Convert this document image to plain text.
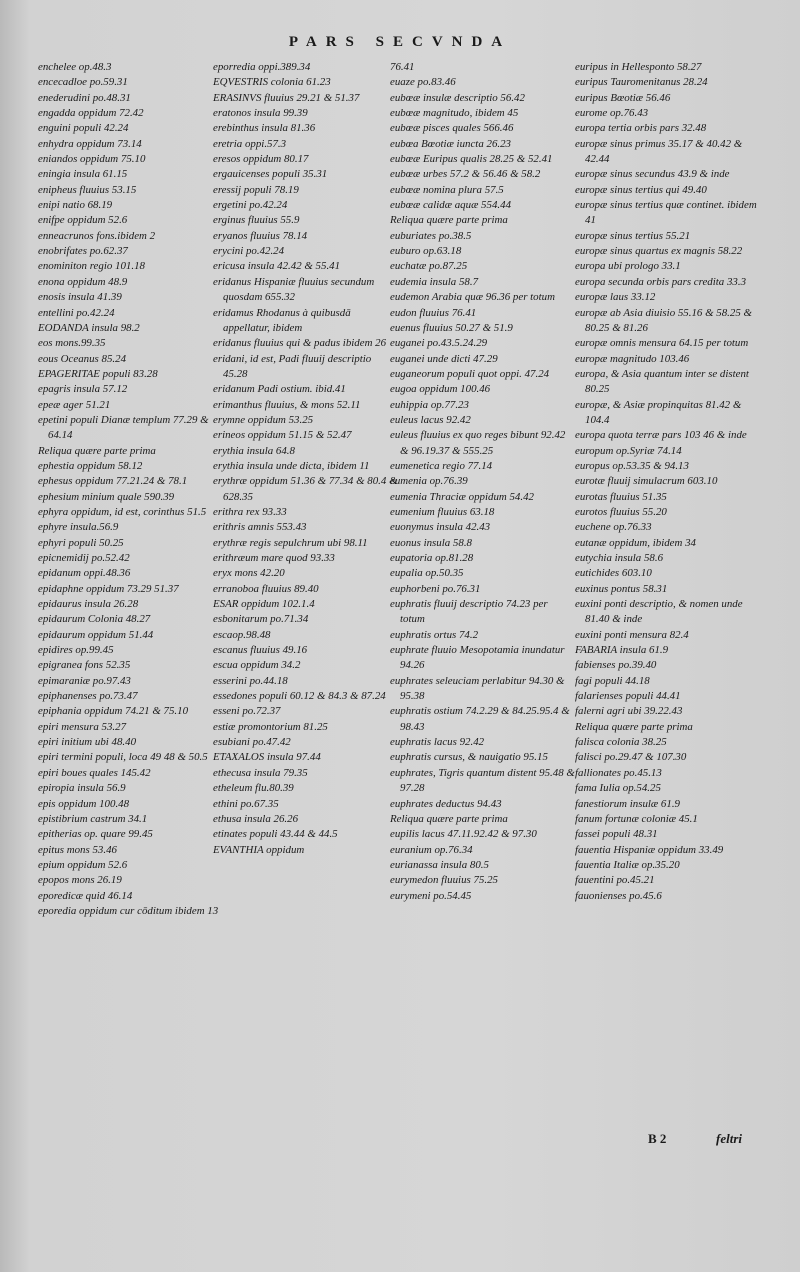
PARS SECVNDA

enchelee op.48.3

encecadloe po.59.31

enederudini po.48.31

engadda oppidum 72.42

enguini populi 42.24

enhydra oppidum 73.14

eniandos oppidum 75.10

eningia insula 61.15

enipheus fluuius 53.15

enipi natio 68.19

enifpe oppidum 52.6

enneacrunos fons.ibidem 2

enobrifates po.62.37

enominiton regio 101.18

enona oppidum 48.9

enosis insula 41.39

entellini po.42.24

EODANDA insula 98.2

eos mons.99.35

eous Oceanus 85.24

EPAGERITAE populi 83.28

epagris insula 57.12

epeæ ager 51.21

epetini populi Dianæ templum 77.29 & 64.14

Reliqua quære parte prima

ephestia oppidum 58.12

ephesus oppidum 77.21.24 & 78.1

ephesium minium quale 590.39

ephyra oppidum, id est, corinthus 51.5

ephyre insula.56.9

ephyri populi 50.25

epicnemidij po.52.42

epidanum oppi.48.36

epidaphne oppidum 73.29 51.37

epidaurus insula 26.28

epidaurum Colonia 48.27

epidaurum oppidum 51.44

epidires op.99.45

epigranea fons 52.35

epimaraniæ po.97.43

epiphanenses po.73.47

epiphania oppidum 74.21 & 75.10

epiri mensura 53.27

epiri initium ubi 48.40

epiri termini populi, loca 49 48 & 50.5

epiri boues quales 145.42

epiropia insula 56.9

epis oppidum 100.48

epistibrium castrum 34.1

epitherias op. quare 99.45

epitus mons 53.46

epium oppidum 52.6

epopos mons 26.19

eporedicæ quid 46.14

eporedia oppidum cur cōditum ibidem 13

eporredia oppi.389.34

EQVESTRIS colonia 61.23

ERASINVS fluuius 29.21 & 51.37

eratonos insula 99.39

erebinthus insula 81.36

eretria oppi.57.3

eresos oppidum 80.17

ergauicenses populi 35.31

eressij populi 78.19

ergetini po.42.24

erginus fluuius 55.9

eryanos fluuius 78.14

erycini po.42.24

ericusa insula 42.42 & 55.41

eridanus Hispaniæ fluuius secundum quosdam 655.32

eridamus Rhodanus à quibusdā appellatur, ibidem

eridanus fluuius qui & padus ibidem 26

eridani, id est, Padi fluuij descriptio 45.28

eridanum Padi ostium. ibid.41

erimanthus fluuius, & mons 52.11

erymne oppidum 53.25

erineos oppidum 51.15 & 52.47

erythia insula 64.8

erythia insula unde dicta, ibidem 11

erythræ oppidum 51.36 & 77.34 & 80.4 & 628.35

erithra rex 93.33

erithris amnis 553.43

erythræ regis sepulchrum ubi 98.11

erithræum mare quod 93.33

eryx mons 42.20

erranoboa fluuius 89.40

ESAR oppidum 102.1.4

esbonitarum po.71.34

escaop.98.48

escanus fluuius 49.16

escua oppidum 34.2

esserini po.44.18

essedones populi 60.12 & 84.3 & 87.24

esseni po.72.37

estiæ promontorium 81.25

esubiani po.47.42

ETAXALOS insula 97.44

ethecusa insula 79.35

etheleum flu.80.39

ethini po.67.35

ethusa insula 26.26

etinates populi 43.44 & 44.5

EVANTHIA oppidum

76.41

euaze po.83.46

eubœæ insulæ descriptio 56.42

eubœæ magnitudo, ibidem 45

eubœæ pisces quales 566.46

eubœa Bœotiæ iuncta 26.23

eubœæ Euripus qualis 28.25 & 52.41

eubœæ urbes 57.2 & 56.46 & 58.2

eubœæ nomina plura 57.5

eubœæ calidæ aquæ 554.44

Reliqua quære parte prima

euburiates po.38.5

euburo op.63.18

euchatæ po.87.25

eudemia insula 58.7

eudemon Arabia quæ 96.36 per totum

eudon fluuius 76.41

euenus fluuius 50.27 & 51.9

euganei po.43.5.24.29

euganei unde dicti 47.29

euganeorum populi quot oppi. 47.24

eugoa oppidum 100.46

euhippia op.77.23

euleus lacus 92.42

euleus fluuius ex quo reges bibunt 92.42 & 96.19.37 & 555.25

eumenetica regio 77.14

eumenia op.76.39

eumenia Thraciæ oppidum 54.42

eumenium fluuius 63.18

euonymus insula 42.43

euonus insula 58.8

eupatoria op.81.28

eupalia op.50.35

euphorbeni po.76.31

euphratis fluuij descriptio 74.23 per totum

euphratis ortus 74.2

euphrate fluuio Mesopotamia inundatur 94.26

euphrates seleuciam perlabitur 94.30 & 95.38

euphratis ostium 74.2.29 & 84.25.95.4 & 98.43

euphratis lacus 92.42

euphratis cursus, & nauigatio 95.15

euphrates, Tigris quantum distent 95.48 & 97.28

euphrates deductus 94.43

Reliqua quære parte prima

eupilis lacus 47.11.92.42 & 97.30

euranium op.76.34

eurianassa insula 80.5

eurymedon fluuius 75.25

eurymeni po.54.45

euripus in Hellesponto 58.27

euripus Tauromenitanus 28.24

euripus Bœotiæ 56.46

eurome op.76.43

europa tertia orbis pars 32.48

europæ sinus primus 35.17 & 40.42 & 42.44

europæ sinus secundus 43.9 & inde

europæ sinus tertius qui 49.40

europæ sinus tertius quæ continet. ibidem 41

europæ sinus tertius 55.21

europæ sinus quartus ex magnis 58.22

europa ubi prologo 33.1

europa secunda orbis pars credita 33.3

europæ laus 33.12

europæ ab Asia diuisio 55.16 & 58.25 & 80.25 & 81.26

europæ omnis mensura 64.15 per totum

europæ magnitudo 103.46

europa, & Asia quantum inter se distent 80.25

europæ, & Asiæ propinquitas 81.42 & 104.4

europa quota terræ pars 103 46 & inde

europum op.Syriæ 74.14

europus op.53.35 & 94.13

eurotæ fluuij simulacrum 603.10

eurotas fluuius 51.35

eurotos fluuius 55.20

euchene op.76.33

eutanæ oppidum, ibidem 34

eutychia insula 58.6

eutichides 603.10

euxinus pontus 58.31

euxini ponti descriptio, & nomen unde 81.40 & inde

euxini ponti mensura 82.4

FABARIA insula 61.9

fabienses po.39.40

fagi populi 44.18

falarienses populi 44.41

falerni agri ubi 39.22.43

Reliqua quære parte prima

falisca colonia 38.25

falisci po.29.47 & 107.30

fallionates po.45.13

fama Iulia op.54.25

fanestiorum insulæ 61.9

fanum fortunæ coloniæ 45.1

fassei populi 48.31

fauentia Hispaniæ oppidum 33.49

fauentia Italiæ op.35.20

fauentini po.45.21

fauonienses po.45.6

B 2	feltri
